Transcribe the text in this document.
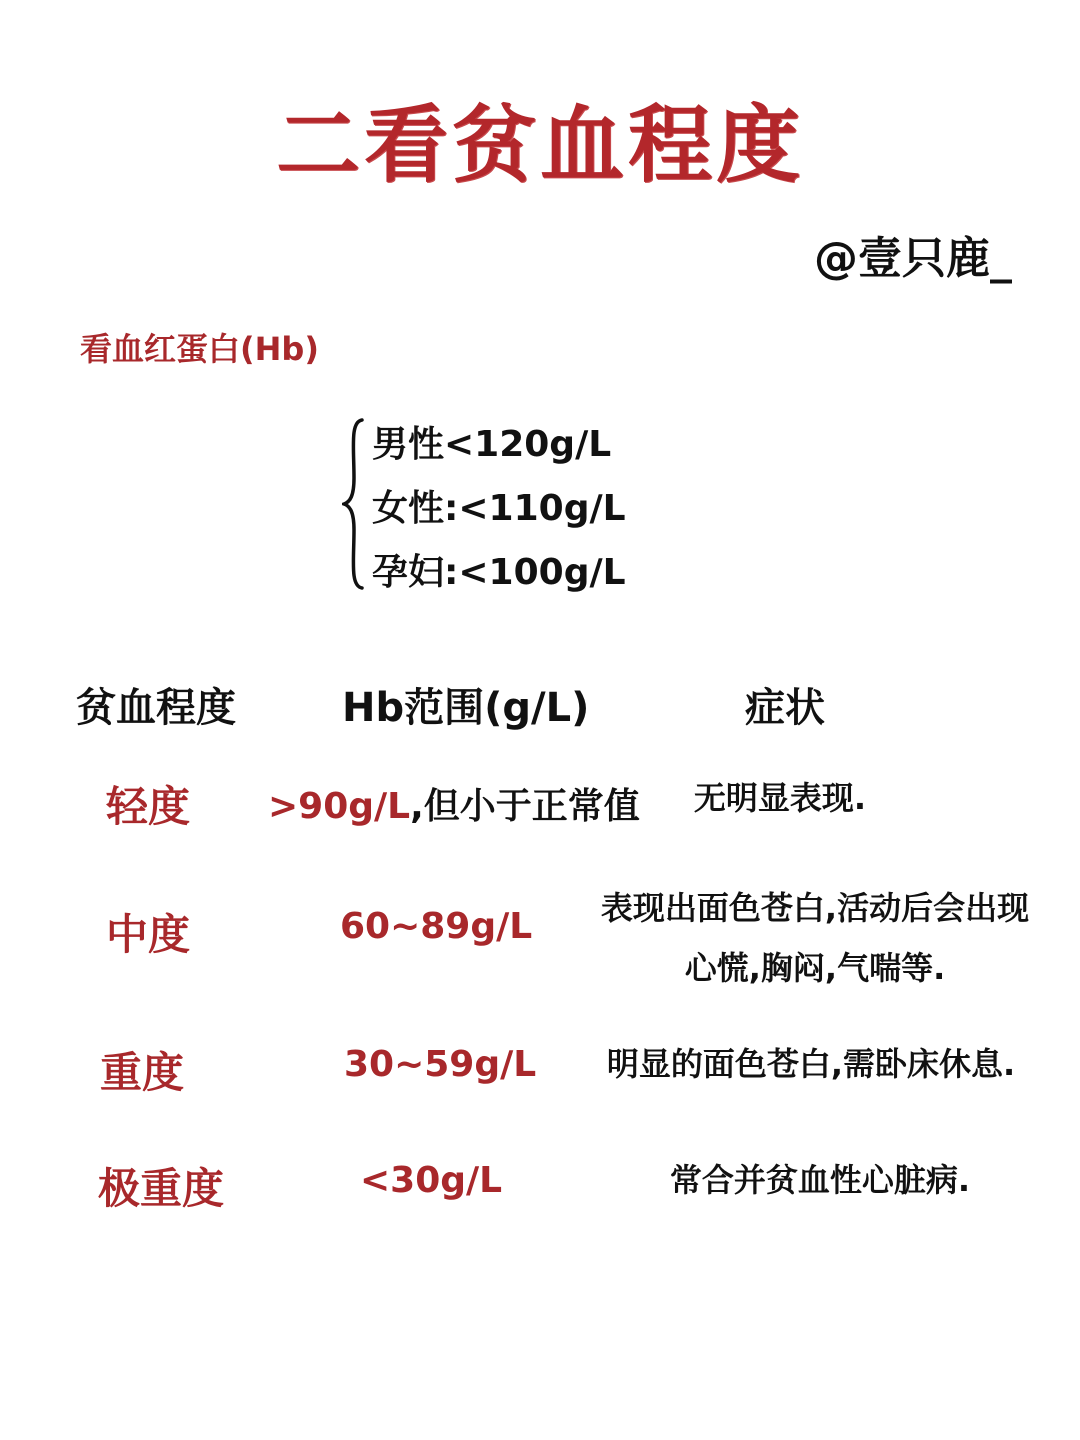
二看贫血程度
@壹只鹿_
看血红蛋白(Hb)
男性<120g/L
女性:<110g/L
孕妇:<100g/L
贫血程度	Hb范围(g/L)	症状
轻度 >90g/L,但小于正常值	无明显表现.
中度	60~89g/L	表现出面色苍白,活动后会出现
心慌,胸闷,气喘等.
重度	30~59g/L	明显的面色苍白,需卧床休息.
极重度	<30g/L	常合并贫血性心脏病.
